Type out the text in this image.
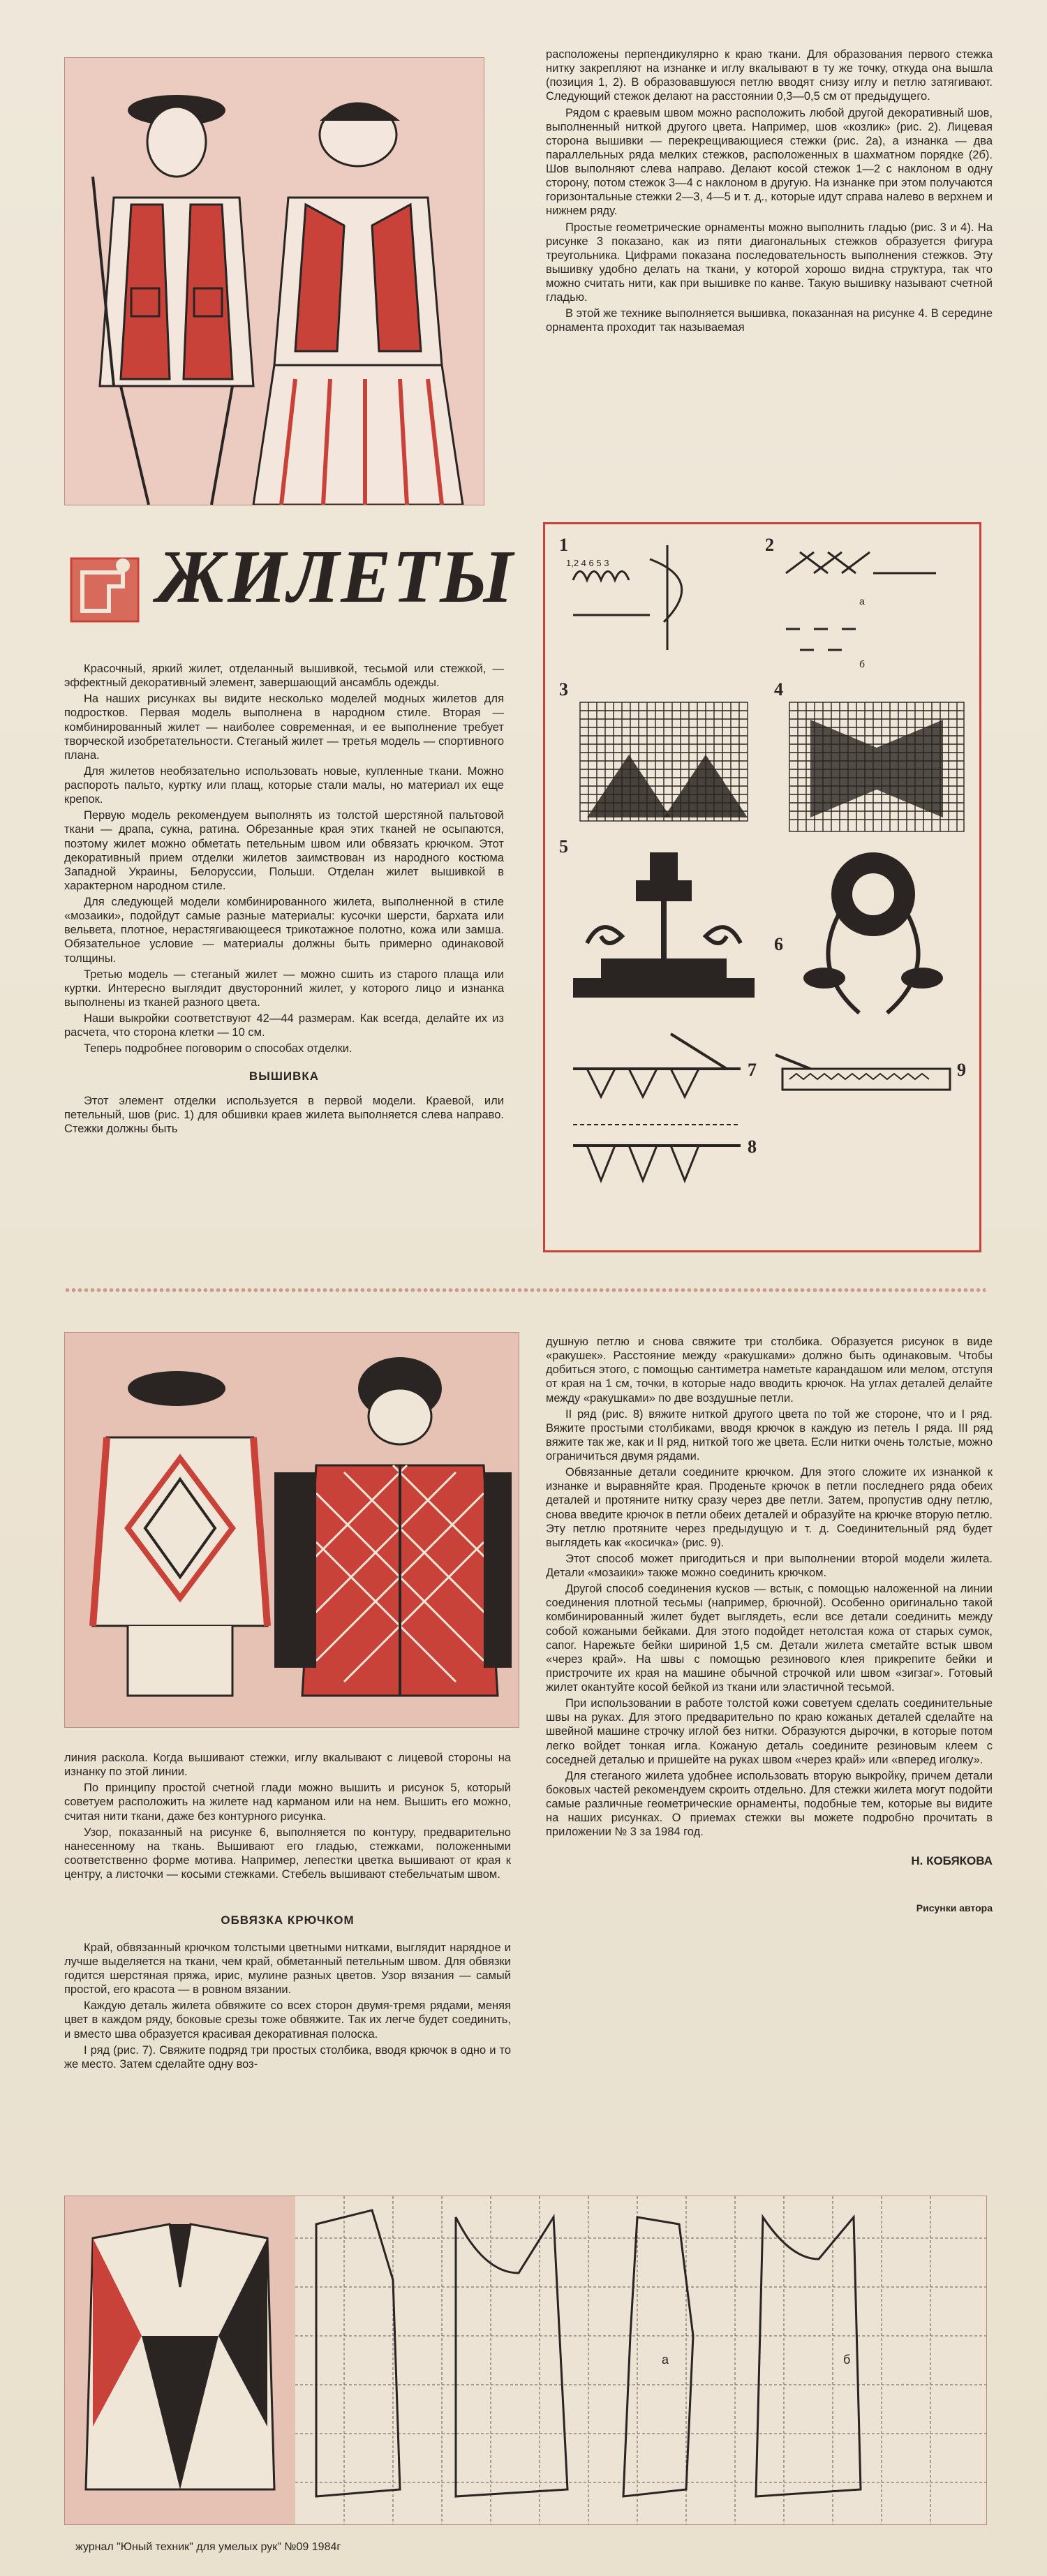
расположены перпендикулярно к краю ткани. Для образования первого стежка нитку закрепляют на изнанке и иглу вкалывают в ту же точку, откуда она вышла (позиция 1, 2). В образовавшуюся петлю вводят снизу иглу и петлю затягивают. Следующий стежок делают на расстоянии 0,3—0,5 см от предыдущего.

Рядом с краевым швом можно расположить любой другой декоративный шов, выполненный ниткой другого цвета. Например, шов «козлик» (рис. 2). Лицевая сторона вышивки — перекрещивающиеся стежки (рис. 2а), а изнанка — два параллельных ряда мелких стежков, расположенных в шахматном порядке (2б). Шов выполняют слева направо. Делают косой стежок 1—2 с наклоном в одну сторону, потом стежок 3—4 с наклоном в другую. На изнанке при этом получаются горизонтальные стежки 2—3, 4—5 и т. д., которые идут справа налево в верхнем и нижнем ряду.

Простые геометрические орнаменты можно выполнить гладью (рис. 3 и 4). На рисунке 3 показано, как из пяти диагональных стежков образуется фигура треугольника. Цифрами показана последовательность выполнения стежков. Эту вышивку удобно делать на ткани, у которой хорошо видна структура, так что можно считать нити, как при вышивке по канве. Такую вышивку называют счетной гладью.

В этой же технике выполняется вышивка, показанная на рисунке 4. В середине орнамента проходит так называемая

ЖИЛЕТЫ

Красочный, яркий жилет, отделанный вышивкой, тесьмой или стежкой, — эффектный декоративный элемент, завершающий ансамбль одежды.

На наших рисунках вы видите несколько моделей модных жилетов для подростков. Первая модель выполнена в народном стиле. Вторая — комбинированный жилет — наиболее современная, и ее выполнение требует творческой изобретательности. Стеганый жилет — третья модель — спортивного плана.

Для жилетов необязательно использовать новые, купленные ткани. Можно распороть пальто, куртку или плащ, которые стали малы, но материал их еще крепок.

Первую модель рекомендуем выполнять из толстой шерстяной пальтовой ткани — драпа, сукна, ратина. Обрезанные края этих тканей не осыпаются, поэтому жилет можно обметать петельным швом или обвязать крючком. Этот декоративный прием отделки жилетов заимствован из народного костюма Западной Украины, Белоруссии, Польши. Отделан жилет вышивкой в характерном народном стиле.

Для следующей модели комбинированного жилета, выполненной в стиле «мозаики», подойдут самые разные материалы: кусочки шерсти, бархата или вельвета, плотное, нерастягивающееся трикотажное полотно, кожа или замша. Обязательное условие — материалы должны быть примерно одинаковой толщины.

Третью модель — стеганый жилет — можно сшить из старого плаща или куртки. Интересно выглядит двусторонний жилет, у которого лицо и изнанка выполнены из тканей разного цвета.

Наши выкройки соответствуют 42—44 размерам. Как всегда, делайте их из расчета, что сторона клетки — 10 см.

Теперь подробнее поговорим о способах отделки.

ВЫШИВКА

Этот элемент отделки используется в первой модели. Краевой, или петельный, шов (рис. 1) для обшивки краев жилета выполняется слева направо. Стежки должны быть

1
1,2 4 6 5 3
2
а
б
3	4
5
6
7
8
9

линия раскола. Когда вышивают стежки, иглу вкалывают с лицевой стороны на изнанку по этой линии.

По принципу простой счетной глади можно вышить и рисунок 5, который советуем расположить на жилете над карманом или на нем. Вышить его можно, считая нити ткани, даже без контурного рисунка.

Узор, показанный на рисунке 6, выполняется по контуру, предварительно нанесенному на ткань. Вышивают его гладью, стежками, положенными соответственно форме мотива. Например, лепестки цветка вышивают от края к центру, а листочки — косыми стежками. Стебель вышивают стебельчатым швом.

ОБВЯЗКА КРЮЧКОМ

Край, обвязанный крючком толстыми цветными нитками, выглядит нарядное и лучше выделяется на ткани, чем край, обметанный петельным швом. Для обвязки годится шерстяная пряжа, ирис, мулине разных цветов. Узор вязания — самый простой, его красота — в ровном вязании.

Каждую деталь жилета обвяжите со всех сторон двумя-тремя рядами, меняя цвет в каждом ряду, боковые срезы тоже обвяжите. Так их легче будет соединить, и вместо шва образуется красивая декоративная полоска.

I ряд (рис. 7). Свяжите подряд три простых столбика, вводя крючок в одно и то же место. Затем сделайте одну воз-

душную петлю и снова свяжите три столбика. Образуется рисунок в виде «ракушек». Расстояние между «ракушками» должно быть одинаковым. Чтобы добиться этого, с помощью сантиметра наметьте карандашом или мелом, отступя от края на 1 см, точки, в которые надо вводить крючок. На углах деталей делайте между «ракушками» по две воздушные петли.

II ряд (рис. 8) вяжите ниткой другого цвета по той же стороне, что и I ряд. Вяжите простыми столбиками, вводя крючок в каждую из петель I ряда. III ряд вяжите так же, как и II ряд, ниткой того же цвета. Если нитки очень толстые, можно ограничиться двумя рядами.

Обвязанные детали соедините крючком. Для этого сложите их изнанкой к изнанке и выравняйте края. Проденьте крючок в петли последнего ряда обеих деталей и протяните нитку сразу через две петли. Затем, пропустив одну петлю, снова введите крючок в петли обеих деталей и образуйте на крючке вторую петлю. Эту петлю протяните через предыдущую и т. д. Соединительный ряд будет выглядеть как «косичка» (рис. 9).

Этот способ может пригодиться и при выполнении второй модели жилета. Детали «мозаики» также можно соединить крючком.

Другой способ соединения кусков — встык, с помощью наложенной на линии соединения плотной тесьмы (например, брючной). Особенно оригинально такой комбинированный жилет будет выглядеть, если все детали соединить между собой кожаными бейками. Для этого подойдет нетолстая кожа от старых сумок, сапог. Нарежьте бейки шириной 1,5 см. Детали жилета сметайте встык швом «через край». На швы с помощью резинового клея прикрепите бейки и пристрочите их края на машине обычной строчкой или швом «зигзаг». Готовый жилет окантуйте косой бейкой из ткани или эластичной тесьмой.

При использовании в работе толстой кожи советуем сделать соединительные швы на руках. Для этого предварительно по краю кожаных деталей сделайте на швейной машине строчку иглой без нитки. Образуются дырочки, в которые потом легко войдет тонкая игла. Кожаную деталь соедините резиновым клеем с соседней деталью и пришейте на руках швом «через край» или «вперед иголку».

Для стеганого жилета удобнее использовать вторую выкройку, причем детали боковых частей рекомендуем скроить отдельно. Для стежки жилета могут подойти самые различные геометрические орнаменты, подобные тем, которые вы видите на наших рисунках. О приемах стежки вы можете подробно прочитать в приложении № 3 за 1984 год.

Н. КОБЯКОВА
Рисунки автора
а	б
журнал "Юный техник" для умелых рук" №09 1984г
